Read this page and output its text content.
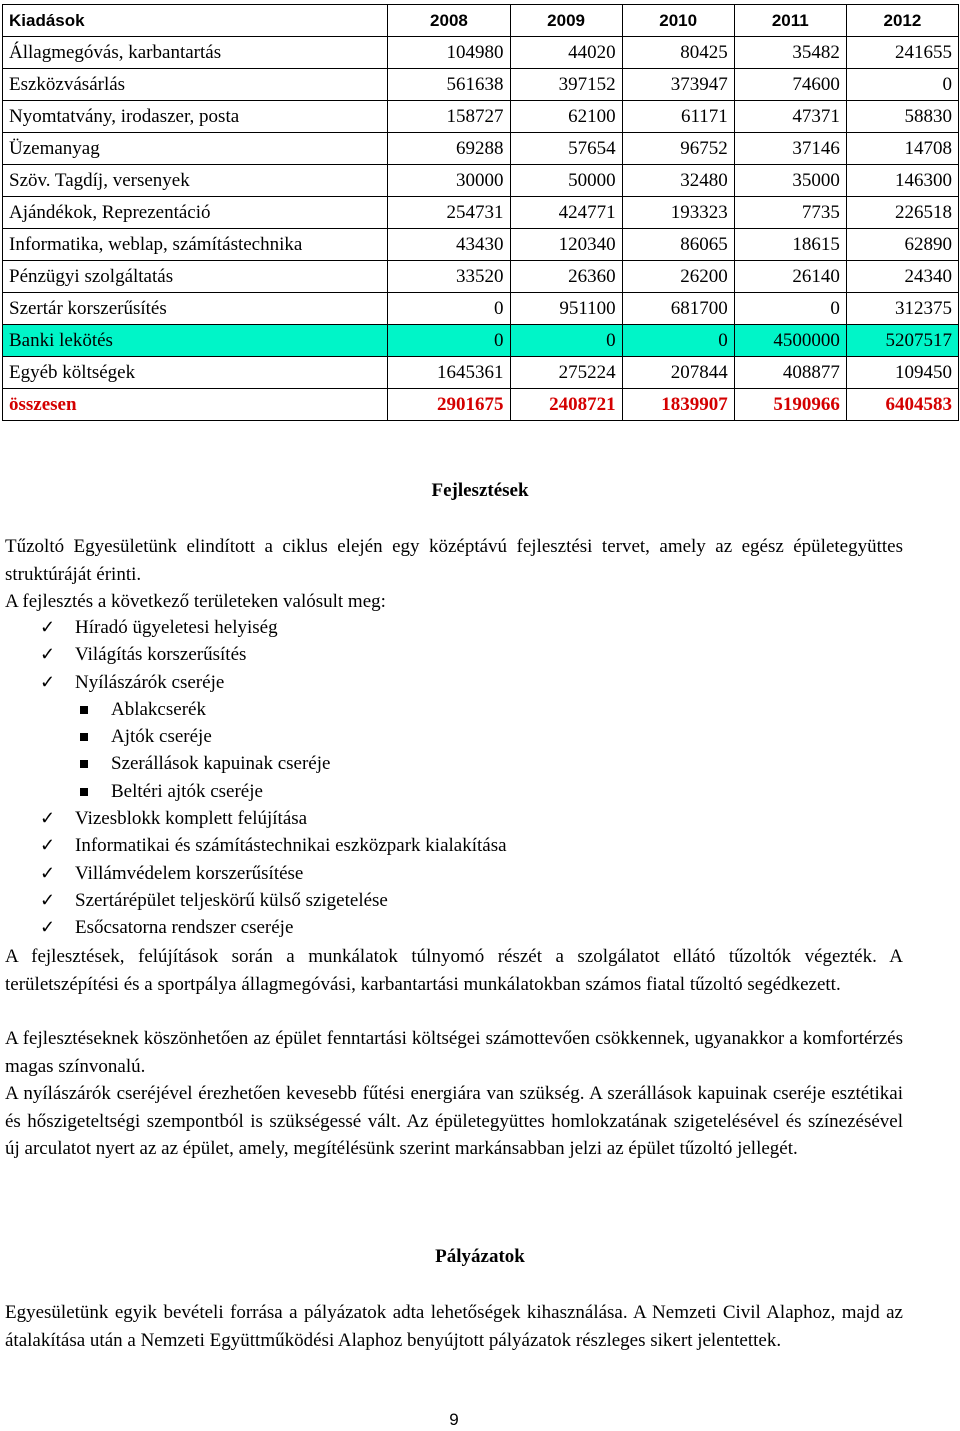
Kiadások	2008	2009	2010	2011	2012
Állagmegóvás, karbantartás	104980	44020	80425	35482	241655
Eszközvásárlás	561638	397152	373947	74600	0
Nyomtatvány, irodaszer, posta	158727	62100	61171	47371	58830
Üzemanyag	69288	57654	96752	37146	14708
Szöv. Tagdíj, versenyek	30000	50000	32480	35000	146300
Ajándékok, Reprezentáció	254731	424771	193323	7735	226518
Informatika, weblap, számítástechnika	43430	120340	86065	18615	62890
Pénzügyi szolgáltatás	33520	26360	26200	26140	24340
Szertár korszerűsítés	0	951100	681700	0	312375
Banki lekötés	0	0	0	4500000	5207517
Egyéb költségek	1645361	275224	207844	408877	109450
összesen	2901675	2408721	1839907	5190966	6404583
Fejlesztések
Tűzoltó Egyesületünk elindított a ciklus elején egy középtávú fejlesztési tervet, amely az egész épületegyüttes struktúráját érinti.
A fejlesztés a következő területeken valósult meg:
✓ Híradó ügyeletesi helyiség
✓ Világítás korszerűsítés
✓ Nyílászárók cseréje
Ablakcserék
Ajtók cseréje
Szerállások kapuinak cseréje
Beltéri ajtók cseréje
✓ Vizesblokk komplett felújítása
✓ Informatikai és számítástechnikai eszközpark kialakítása
✓ Villámvédelem korszerűsítése
✓ Szertárépület teljeskörű külső szigetelése
✓ Esőcsatorna rendszer cseréje
A fejlesztések, felújítások során a munkálatok túlnyomó részét a szolgálatot ellátó tűzoltók végezték. A területszépítési és a sportpálya állagmegóvási, karbantartási munkálatokban számos fiatal tűzoltó segédkezett.
A fejlesztéseknek köszönhetően az épület fenntartási költségei számottevően csökkennek, ugyanakkor a komfortérzés magas színvonalú.
A nyílászárók cseréjével érezhetően kevesebb fűtési energiára van szükség. A szerállások kapuinak cseréje esztétikai és hőszigeteltségi szempontból is szükségessé vált. Az épületegyüttes homlokzatának szigetelésével és színezésével új arculatot nyert az az épület, amely, megítélésünk szerint markánsabban jelzi az épület tűzoltó jellegét.
Pályázatok
Egyesületünk egyik bevételi forrása a pályázatok adta lehetőségek kihasználása. A Nemzeti Civil Alaphoz, majd az átalakítása után a Nemzeti Együttműködési Alaphoz benyújtott pályázatok részleges sikert jelentettek.
9
